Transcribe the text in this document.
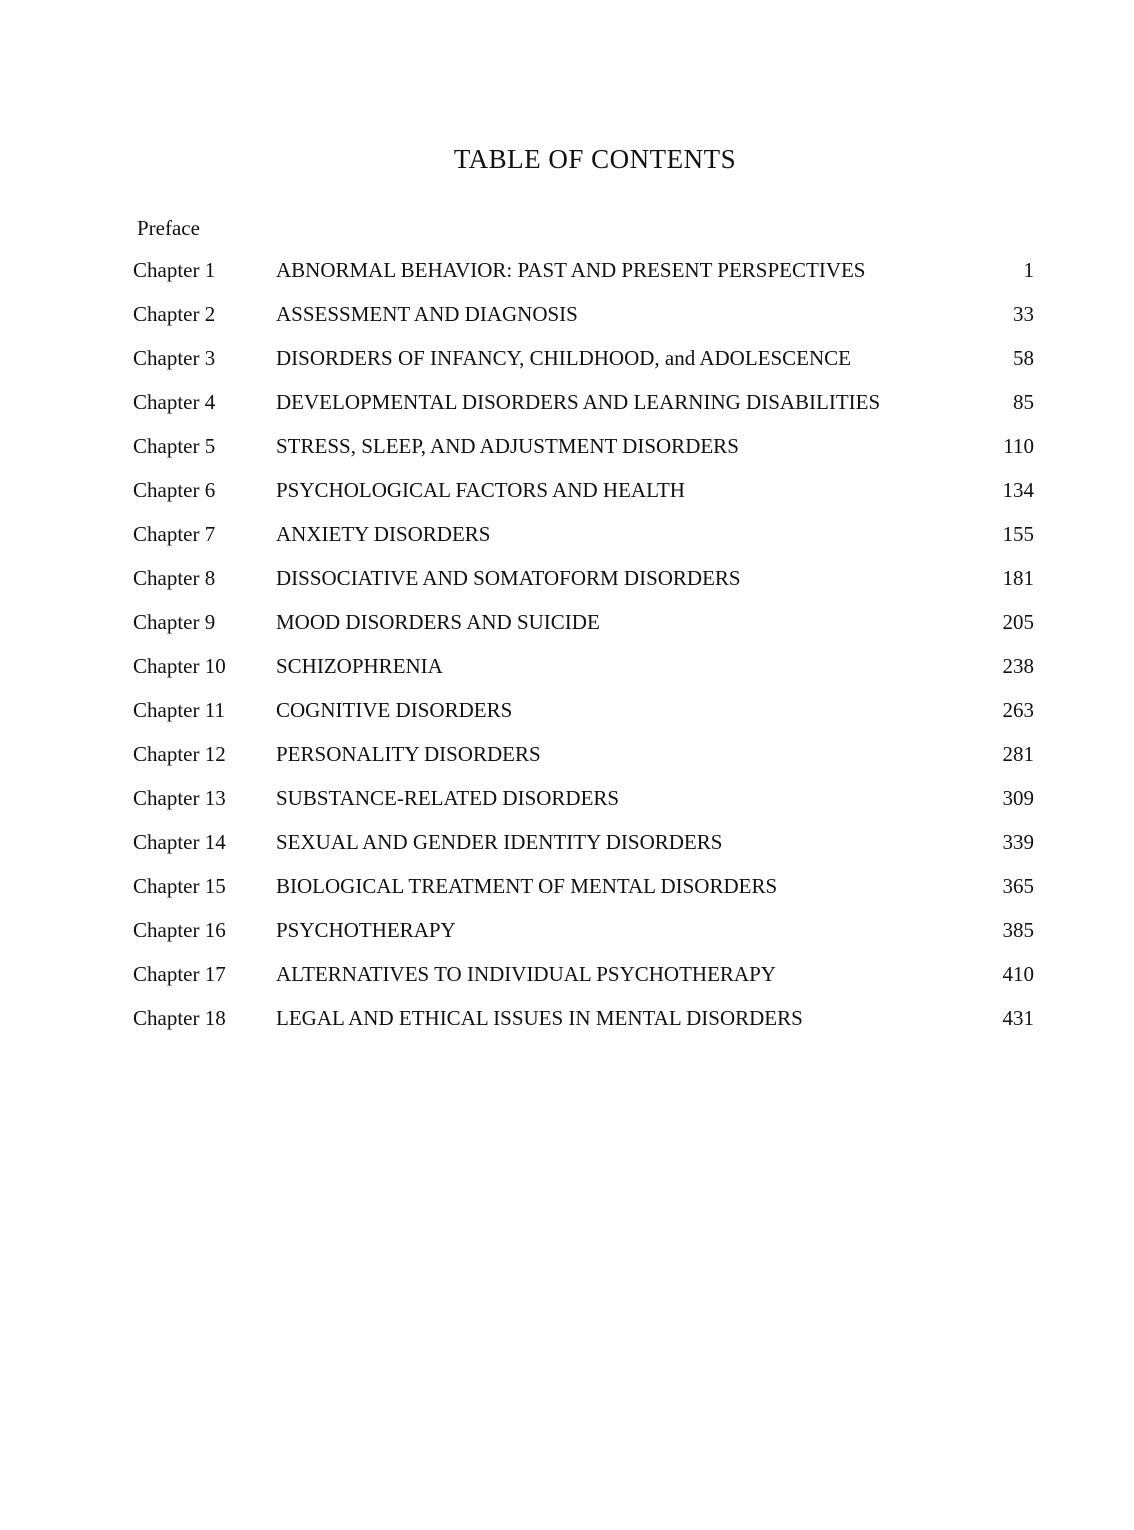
TABLE OF CONTENTS
Preface
Chapter 1	ABNORMAL BEHAVIOR: PAST AND PRESENT PERSPECTIVES	1
Chapter 2	ASSESSMENT AND DIAGNOSIS	33
Chapter 3	DISORDERS OF INFANCY, CHILDHOOD, and ADOLESCENCE	58
Chapter 4	DEVELOPMENTAL DISORDERS AND LEARNING DISABILITIES	85
Chapter 5	STRESS, SLEEP, AND ADJUSTMENT DISORDERS	110
Chapter 6	PSYCHOLOGICAL FACTORS AND HEALTH	134
Chapter 7	ANXIETY DISORDERS	155
Chapter 8	DISSOCIATIVE AND SOMATOFORM DISORDERS	181
Chapter 9	MOOD DISORDERS AND SUICIDE	205
Chapter 10 SCHIZOPHRENIA	238
Chapter 11 COGNITIVE DISORDERS	263
Chapter 12 PERSONALITY DISORDERS	281
Chapter 13 SUBSTANCE-RELATED DISORDERS	309
Chapter 14 SEXUAL AND GENDER IDENTITY DISORDERS	339
Chapter 15 BIOLOGICAL TREATMENT OF MENTAL DISORDERS	365
Chapter 16 PSYCHOTHERAPY	385
Chapter 17 ALTERNATIVES TO INDIVIDUAL PSYCHOTHERAPY	410
Chapter 18 LEGAL AND ETHICAL ISSUES IN MENTAL DISORDERS	431
